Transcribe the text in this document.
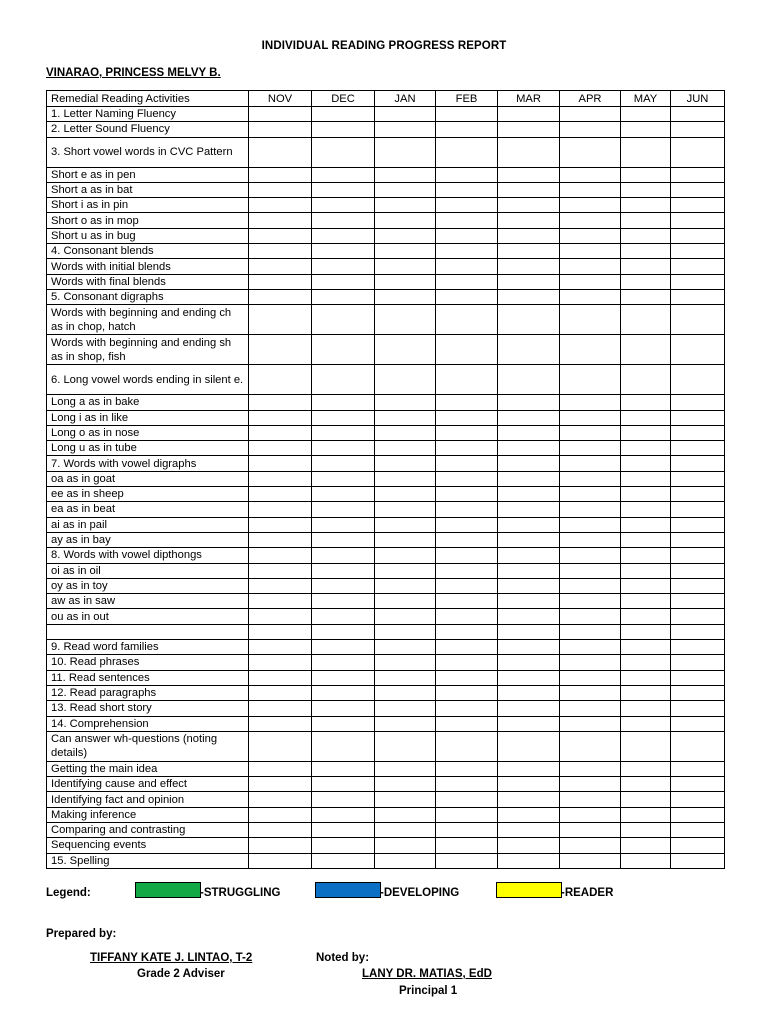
INDIVIDUAL READING PROGRESS REPORT
VINARAO, PRINCESS MELVY B.
Remedial Reading Activities	NOV	DEC	JAN	FEB	MAR	APR	MAY	JUN
1. Letter Naming Fluency								
2. Letter Sound Fluency								
3. Short vowel words in CVC Pattern								
Short e as in pen								
Short a as in bat								
Short i as in pin								
Short o as in mop								
Short u as in bug								
4. Consonant blends								
Words with initial blends								
Words with final blends								
5. Consonant digraphs								
Words with beginning and ending ch as in chop, hatch								
Words with beginning and ending sh as in shop, fish								
6. Long vowel words ending in silent e.								
Long a as in bake								
Long i as in like								
Long o as in nose								
Long u as in tube								
7. Words with vowel digraphs								
oa as in goat								
ee as in sheep								
ea as in beat								
ai as in pail								
ay as in bay								
8. Words with vowel dipthongs								
oi as in oil								
oy as in toy								
aw as in saw								
ou as in out								

9. Read word families								
10. Read phrases								
11. Read sentences								
12. Read paragraphs								
13. Read short story								
14. Comprehension								
Can answer wh-questions (noting details)								
Getting the main idea								
Identifying cause and effect								
Identifying fact and opinion								
Making inference								
Comparing and contrasting								
Sequencing events								
15. Spelling								
Legend:	-STRUGGLING	-DEVELOPING	-READER
Prepared by:
TIFFANY KATE J. LINTAO, T-2
Grade 2 Adviser
Noted by:
LANY DR. MATIAS, EdD
Principal 1
